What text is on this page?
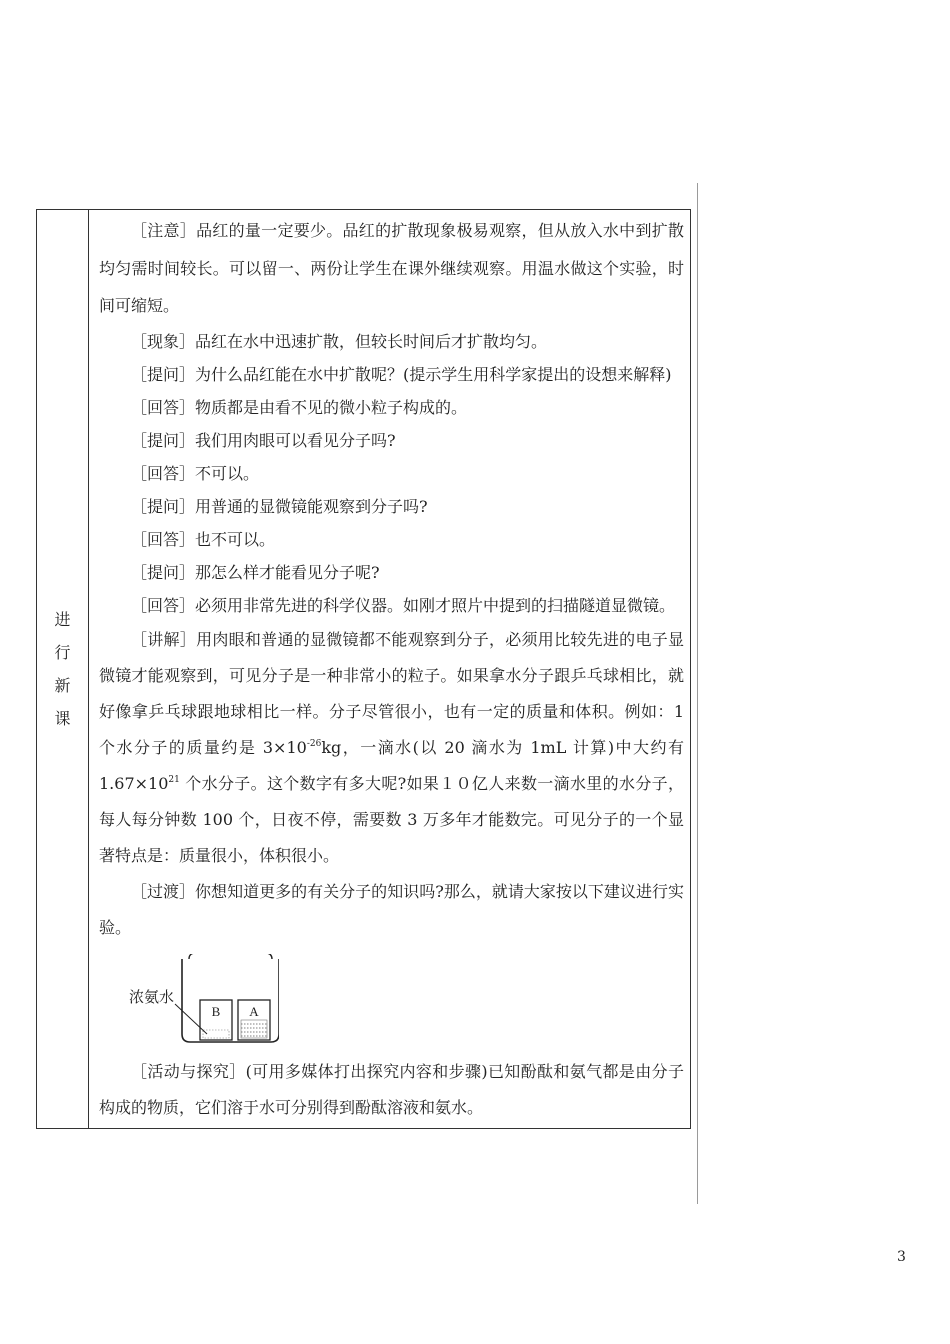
进行新课

［注意］品红的量一定要少。品红的扩散现象极易观察，但从放入水中到扩散均匀需时间较长。可以留一、两份让学生在课外继续观察。用温水做这个实验，时间可缩短。

［现象］品红在水中迅速扩散，但较长时间后才扩散均匀。

［提问］为什么品红能在水中扩散呢？(提示学生用科学家提出的设想来解释)

［回答］物质都是由看不见的微小粒子构成的。

［提问］我们用肉眼可以看见分子吗?

［回答］不可以。

［提问］用普通的显微镜能观察到分子吗?

［回答］也不可以。

［提问］那怎么样才能看见分子呢?

［回答］必须用非常先进的科学仪器。如刚才照片中提到的扫描隧道显微镜。

［讲解］用肉眼和普通的显微镜都不能观察到分子，必须用比较先进的电子显微镜才能观察到，可见分子是一种非常小的粒子。如果拿水分子跟乒乓球相比，就好像拿乒乓球跟地球相比一样。分子尽管很小，也有一定的质量和体积。例如：1个水分子的质量约是 $3\times 10^{-26}kg$，一滴水(以 20 滴水为 1mL 计算)中大约有 $1.67\times 10^{21}$ 个水分子。这个数字有多大呢?如果１０亿人来数一滴水里的水分子，每人每分钟数 100 个，日夜不停，需要数 3 万多年才能数完。可见分子的一个显著特点是：质量很小，体积很小。

［过渡］你想知道更多的有关分子的知识吗?那么，就请大家按以下建议进行实验。

B A
浓氨水

［活动与探究］(可用多媒体打出探究内容和步骤)已知酚酞和氨气都是由分子构成的物质，它们溶于水可分别得到酚酞溶液和氨水。

3
